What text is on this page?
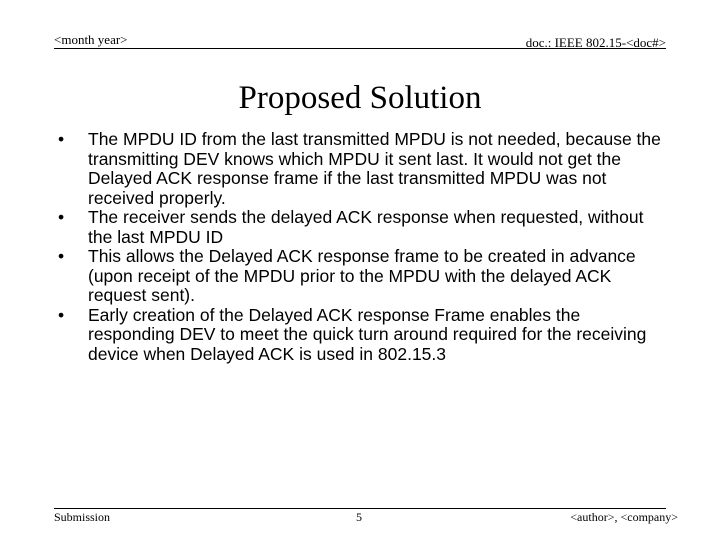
<month year>	doc.: IEEE 802.15-<doc#>
Proposed Solution
• The MPDU ID from the last transmitted MPDU is not needed, because the transmitting DEV knows which MPDU it sent last. It would not get the Delayed ACK response frame if the last transmitted MPDU was not received properly.
• The receiver sends the delayed ACK response when requested, without the last MPDU ID
• This allows the Delayed ACK response frame to be created in advance (upon receipt of the MPDU prior to the MPDU with the delayed ACK request sent).
• Early creation of the Delayed ACK response Frame enables the responding DEV to meet the quick turn around required for the receiving device when Delayed ACK is used in 802.15.3
Submission	5	<author>, <company>
